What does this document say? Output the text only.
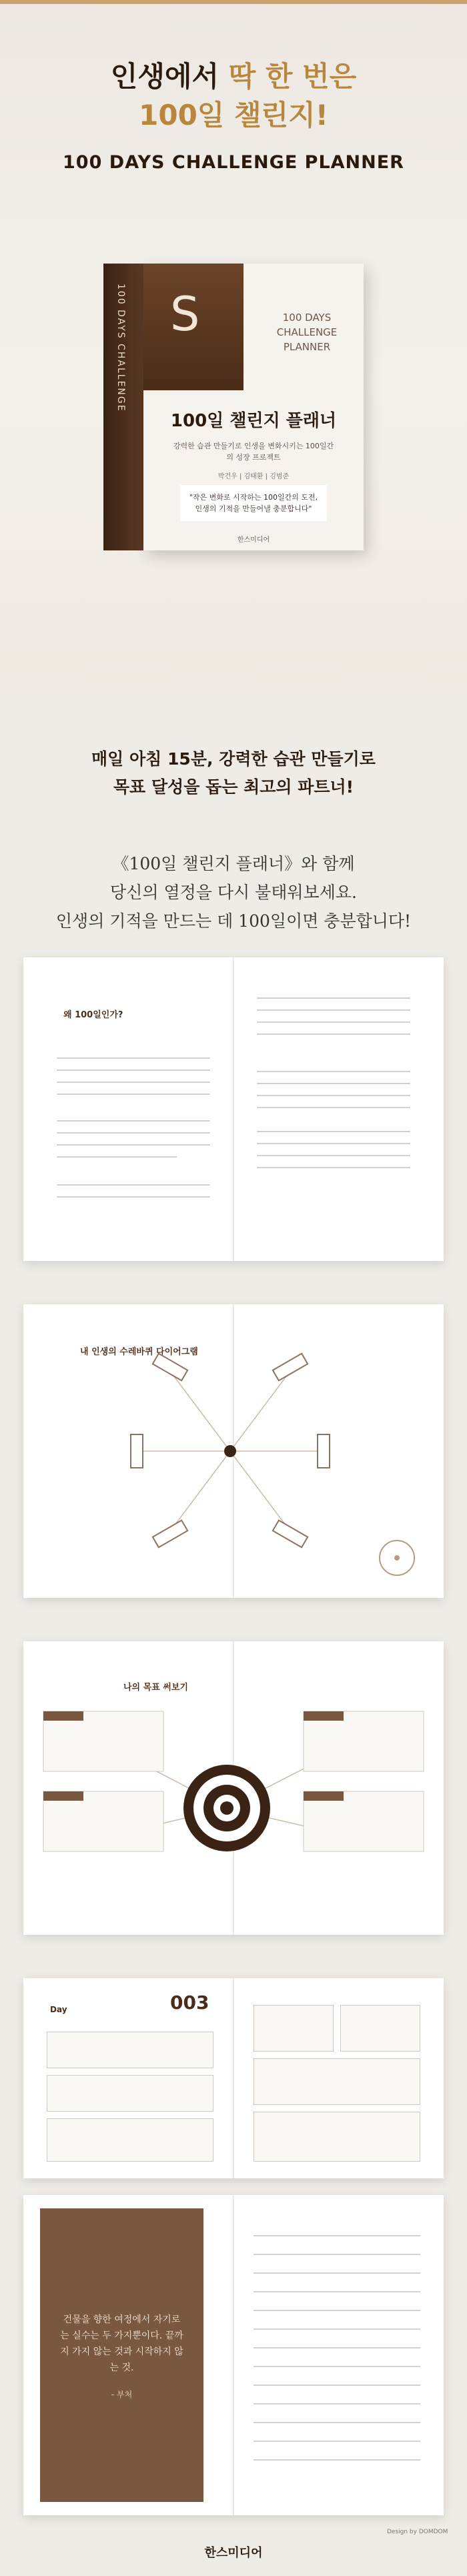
인생에서 딱 한 번은
100일 챌린지!
100 DAYS CHALLENGE PLANNER
100 DAYS CHALLENGE S	100 DAYS CHALLENGE PLANNER
100일 챌린지 플래너
강력한 습관 만들기로 인생을 변화시키는 100일간의 성장 프로젝트
박건우 | 김태환 | 김범준
"작은 변화로 시작하는 100일간의 도전, 인생의 기적을 만들어낼 충분합니다"
한스미디어
매일 아침 15분, 강력한 습관 만들기로
목표 달성을 돕는 최고의 파트너!
《100일 챌린지 플래너》와 함께
당신의 열정을 다시 불태워보세요.
인생의 기적을 만드는 데 100일이면 충분합니다!
왜 100일인가?
내 인생의 수레바퀴 다이어그램
나의 목표 써보기
Day	003
건물을 향한 여정에서 자기로는 실수는 두 가지뿐이다. 끝까지 가지 않는 것과 시작하지 않는 것.
- 부처
Design by DOMDOM
한스미디어
